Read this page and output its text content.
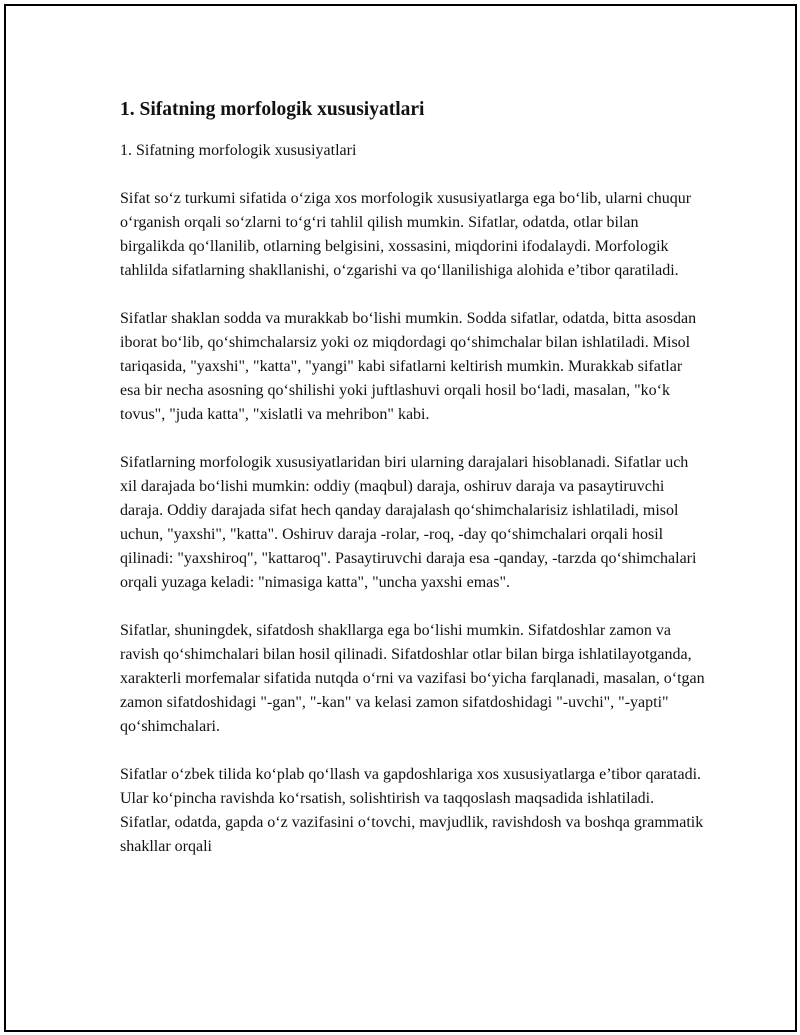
1. Sifatning morfologik xususiyatlari

1. Sifatning morfologik xususiyatlari

Sifat so‘z turkumi sifatida o‘ziga xos morfologik xususiyatlarga ega bo‘lib, ularni chuqur o‘rganish orqali so‘zlarni to‘g‘ri tahlil qilish mumkin. Sifatlar, odatda, otlar bilan birgalikda qo‘llanilib, otlarning belgisini, xossasini, miqdorini ifodalaydi. Morfologik tahlilda sifatlarning shakllanishi, o‘zgarishi va qo‘llanilishiga alohida e’tibor qaratiladi.

Sifatlar shaklan sodda va murakkab bo‘lishi mumkin. Sodda sifatlar, odatda, bitta asosdan iborat bo‘lib, qo‘shimchalarsiz yoki oz miqdordagi qo‘shimchalar bilan ishlatiladi. Misol tariqasida, "yaxshi", "katta", "yangi" kabi sifatlarni keltirish mumkin. Murakkab sifatlar esa bir necha asosning qo‘shilishi yoki juftlashuvi orqali hosil bo‘ladi, masalan, "ko‘k tovus", "juda katta", "xislatli va mehribon" kabi.

Sifatlarning morfologik xususiyatlaridan biri ularning darajalari hisoblanadi. Sifatlar uch xil darajada bo‘lishi mumkin: oddiy (maqbul) daraja, oshiruv daraja va pasaytiruvchi daraja. Oddiy darajada sifat hech qanday darajalash qo‘shimchalarisiz ishlatiladi, misol uchun, "yaxshi", "katta". Oshiruv daraja -rolar, -roq, -day qo‘shimchalari orqali hosil qilinadi: "yaxshiroq", "kattaroq". Pasaytiruvchi daraja esa -qanday, -tarzda qo‘shimchalari orqali yuzaga keladi: "nimasiga katta", "uncha yaxshi emas".

Sifatlar, shuningdek, sifatdosh shakllarga ega bo‘lishi mumkin. Sifatdoshlar zamon va ravish qo‘shimchalari bilan hosil qilinadi. Sifatdoshlar otlar bilan birga ishlatilayotganda, xarakterli morfemalar sifatida nutqda o‘rni va vazifasi bo‘yicha farqlanadi, masalan, o‘tgan zamon sifatdoshidagi "-gan", "-kan" va kelasi zamon sifatdoshidagi "-uvchi", "-yapti" qo‘shimchalari.

Sifatlar o‘zbek tilida ko‘plab qo‘llash va gapdoshlariga xos xususiyatlarga e’tibor qaratadi. Ular ko‘pincha ravishda ko‘rsatish, solishtirish va taqqoslash maqsadida ishlatiladi. Sifatlar, odatda, gapda o‘z vazifasini o‘tovchi, mavjudlik, ravishdosh va boshqa grammatik shakllar orqali
